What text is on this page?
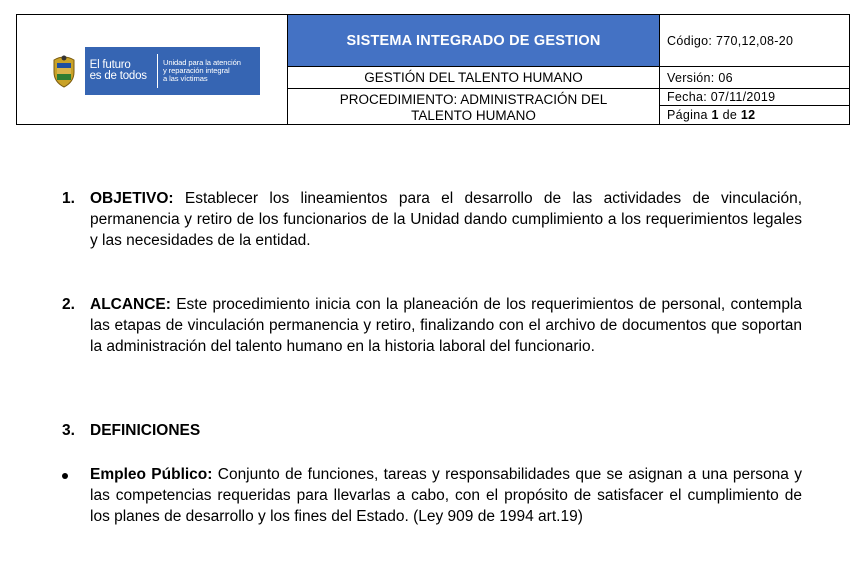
El futuro
es de todos
Unidad para la atención
y reparación integral
a las víctimas
SISTEMA INTEGRADO DE GESTION
GESTIÓN DEL TALENTO HUMANO
PROCEDIMIENTO: ADMINISTRACIÓN DEL
TALENTO HUMANO
Código: 770,12,08-20
Versión: 06
Fecha: 07/11/2019
Página
1
de
12
1. OBJETIVO: Establecer los lineamientos para el desarrollo de las actividades de vinculación, permanencia y retiro de los funcionarios de la Unidad dando cumplimiento a los requerimientos legales y las necesidades de la entidad.
2. ALCANCE: Este procedimiento inicia con la planeación de los requerimientos de personal, contempla las etapas de vinculación permanencia y retiro, finalizando con el archivo de documentos que soportan la administración del talento humano en la historia laboral del funcionario.
3. DEFINICIONES
Empleo Público: Conjunto de funciones, tareas y responsabilidades que se asignan a una persona y las competencias requeridas para llevarlas a cabo, con el propósito de satisfacer el cumplimiento de los planes de desarrollo y los fines del Estado. (Ley 909 de 1994 art.19)
